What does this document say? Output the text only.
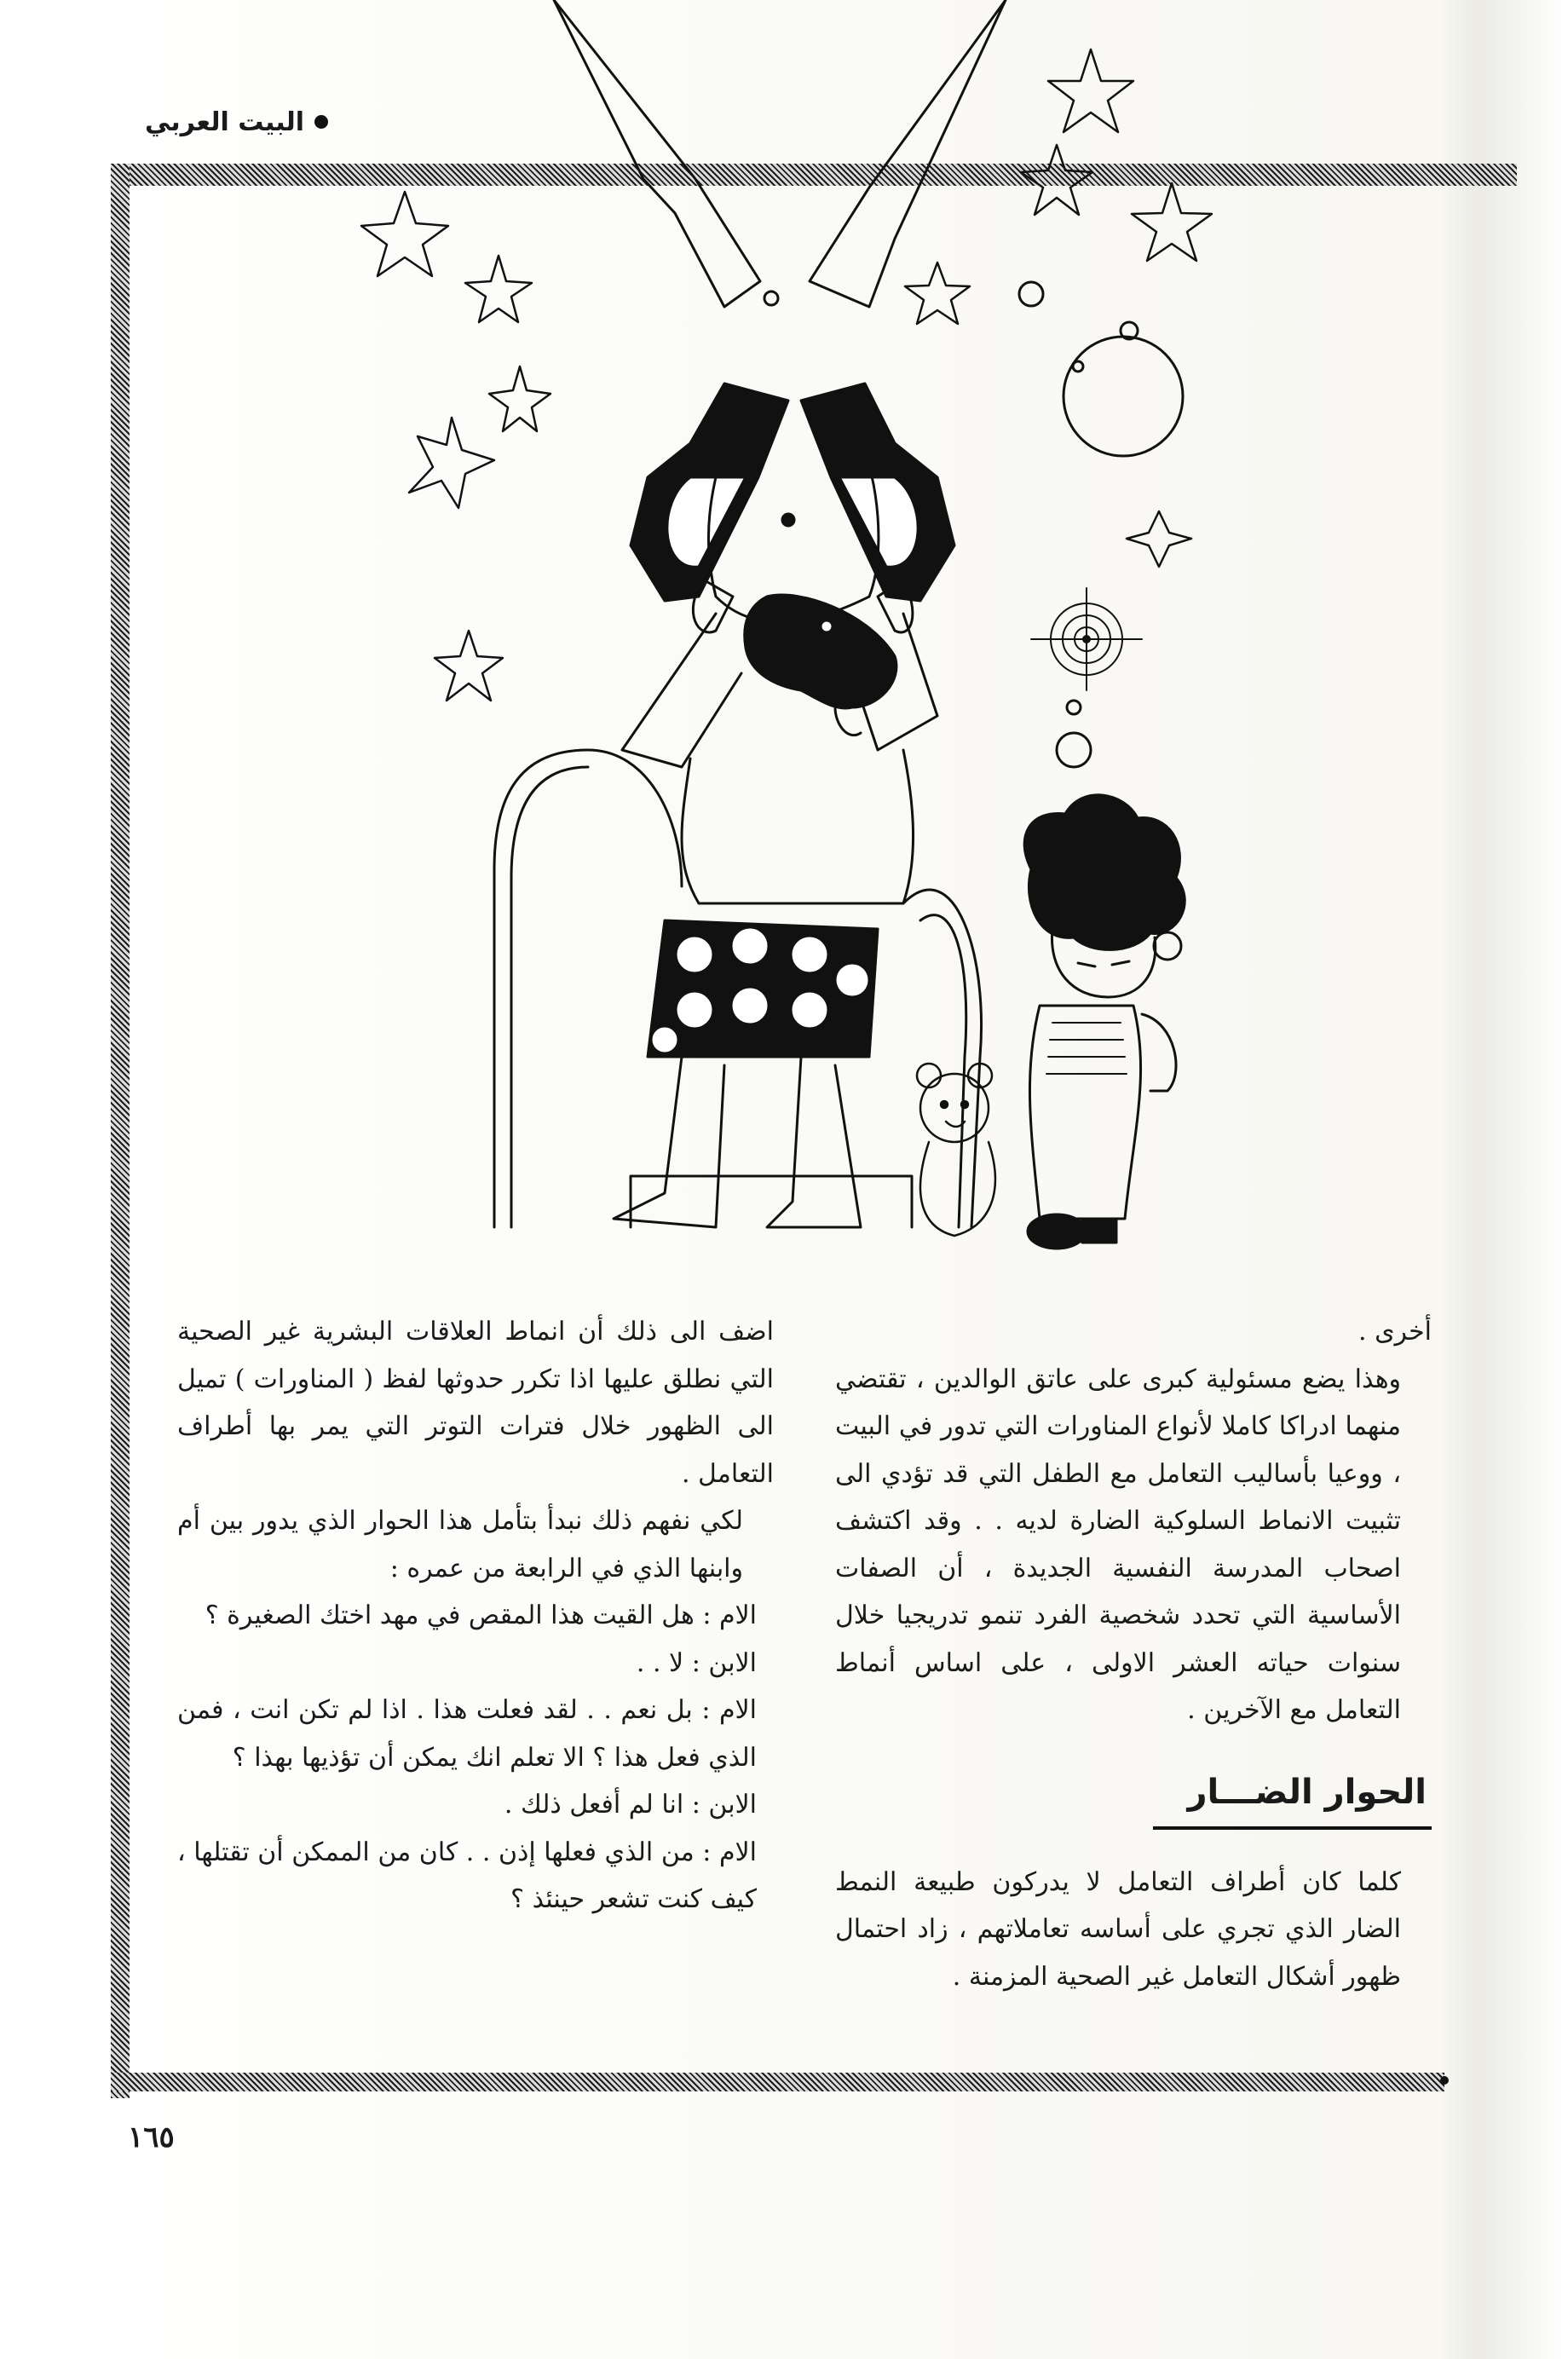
البيت العربي

أخرى .

وهذا يضع مسئولية كبرى على عاتق الوالدين ، تقتضي منهما ادراكا كاملا لأنواع المناورات التي تدور في البيت ، ووعيا بأساليب التعامل مع الطفل التي قد تؤدي الى تثبيت الانماط السلوكية الضارة لديه . . وقد اكتشف اصحاب المدرسة النفسية الجديدة ، أن الصفات الأساسية التي تحدد شخصية الفرد تنمو تدريجيا خلال سنوات حياته العشر الاولى ، على اساس أنماط التعامل مع الآخرين .

الحوار الضـــار

كلما كان أطراف التعامل لا يدركون طبيعة النمط الضار الذي تجري على أساسه تعاملاتهم ، زاد احتمال ظهور أشكال التعامل غير الصحية المزمنة .

اضف الى ذلك أن انماط العلاقات البشرية غير الصحية التي نطلق عليها اذا تكرر حدوثها لفظ ( المناورات ) تميل الى الظهور خلال فترات التوتر التي يمر بها أطراف التعامل .

لكي نفهم ذلك نبدأ بتأمل هذا الحوار الذي يدور بين أم وابنها الذي في الرابعة من عمره :

الام : هل القيت هذا المقص في مهد اختك الصغيرة ؟

الابن : لا . .

الام : بل نعم . . لقد فعلت هذا . اذا لم تكن انت ، فمن الذي فعل هذا ؟ الا تعلم انك يمكن أن تؤذيها بهذا ؟

الابن : انا لم أفعل ذلك .

الام : من الذي فعلها إذن . . كان من الممكن أن تقتلها ، كيف كنت تشعر حينئذ ؟

١٦٥
